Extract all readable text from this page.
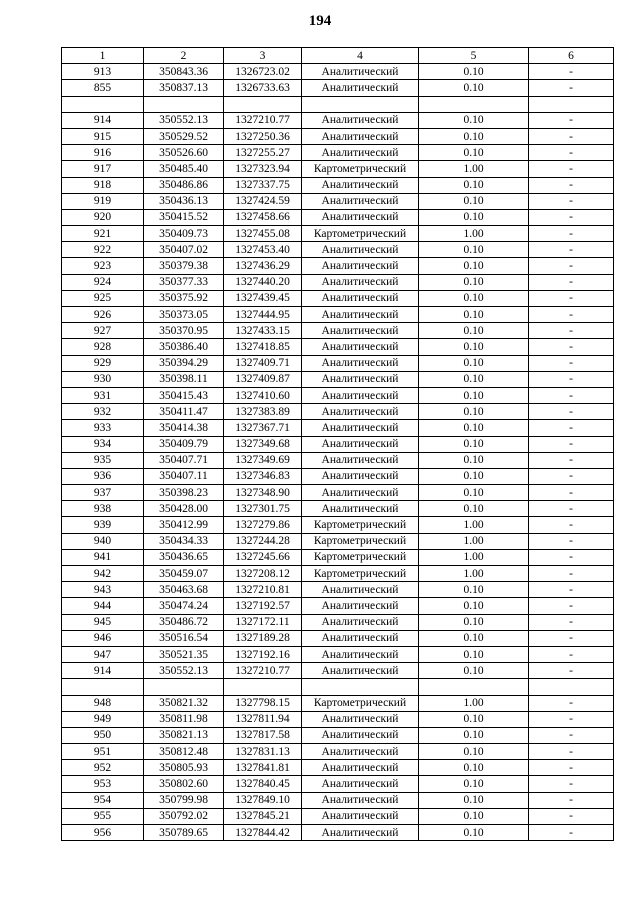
194
1	2	3	4	5	6
913	350843.36	1326723.02	Аналитический	0.10	-
855	350837.13	1326733.63	Аналитический	0.10	-

914	350552.13	1327210.77	Аналитический	0.10	-
915	350529.52	1327250.36	Аналитический	0.10	-
916	350526.60	1327255.27	Аналитический	0.10	-
917	350485.40	1327323.94	Картометрический	1.00	-
918	350486.86	1327337.75	Аналитический	0.10	-
919	350436.13	1327424.59	Аналитический	0.10	-
920	350415.52	1327458.66	Аналитический	0.10	-
921	350409.73	1327455.08	Картометрический	1.00	-
922	350407.02	1327453.40	Аналитический	0.10	-
923	350379.38	1327436.29	Аналитический	0.10	-
924	350377.33	1327440.20	Аналитический	0.10	-
925	350375.92	1327439.45	Аналитический	0.10	-
926	350373.05	1327444.95	Аналитический	0.10	-
927	350370.95	1327433.15	Аналитический	0.10	-
928	350386.40	1327418.85	Аналитический	0.10	-
929	350394.29	1327409.71	Аналитический	0.10	-
930	350398.11	1327409.87	Аналитический	0.10	-
931	350415.43	1327410.60	Аналитический	0.10	-
932	350411.47	1327383.89	Аналитический	0.10	-
933	350414.38	1327367.71	Аналитический	0.10	-
934	350409.79	1327349.68	Аналитический	0.10	-
935	350407.71	1327349.69	Аналитический	0.10	-
936	350407.11	1327346.83	Аналитический	0.10	-
937	350398.23	1327348.90	Аналитический	0.10	-
938	350428.00	1327301.75	Аналитический	0.10	-
939	350412.99	1327279.86	Картометрический	1.00	-
940	350434.33	1327244.28	Картометрический	1.00	-
941	350436.65	1327245.66	Картометрический	1.00	-
942	350459.07	1327208.12	Картометрический	1.00	-
943	350463.68	1327210.81	Аналитический	0.10	-
944	350474.24	1327192.57	Аналитический	0.10	-
945	350486.72	1327172.11	Аналитический	0.10	-
946	350516.54	1327189.28	Аналитический	0.10	-
947	350521.35	1327192.16	Аналитический	0.10	-
914	350552.13	1327210.77	Аналитический	0.10	-

948	350821.32	1327798.15	Картометрический	1.00	-
949	350811.98	1327811.94	Аналитический	0.10	-
950	350821.13	1327817.58	Аналитический	0.10	-
951	350812.48	1327831.13	Аналитический	0.10	-
952	350805.93	1327841.81	Аналитический	0.10	-
953	350802.60	1327840.45	Аналитический	0.10	-
954	350799.98	1327849.10	Аналитический	0.10	-
955	350792.02	1327845.21	Аналитический	0.10	-
956	350789.65	1327844.42	Аналитический	0.10	-
